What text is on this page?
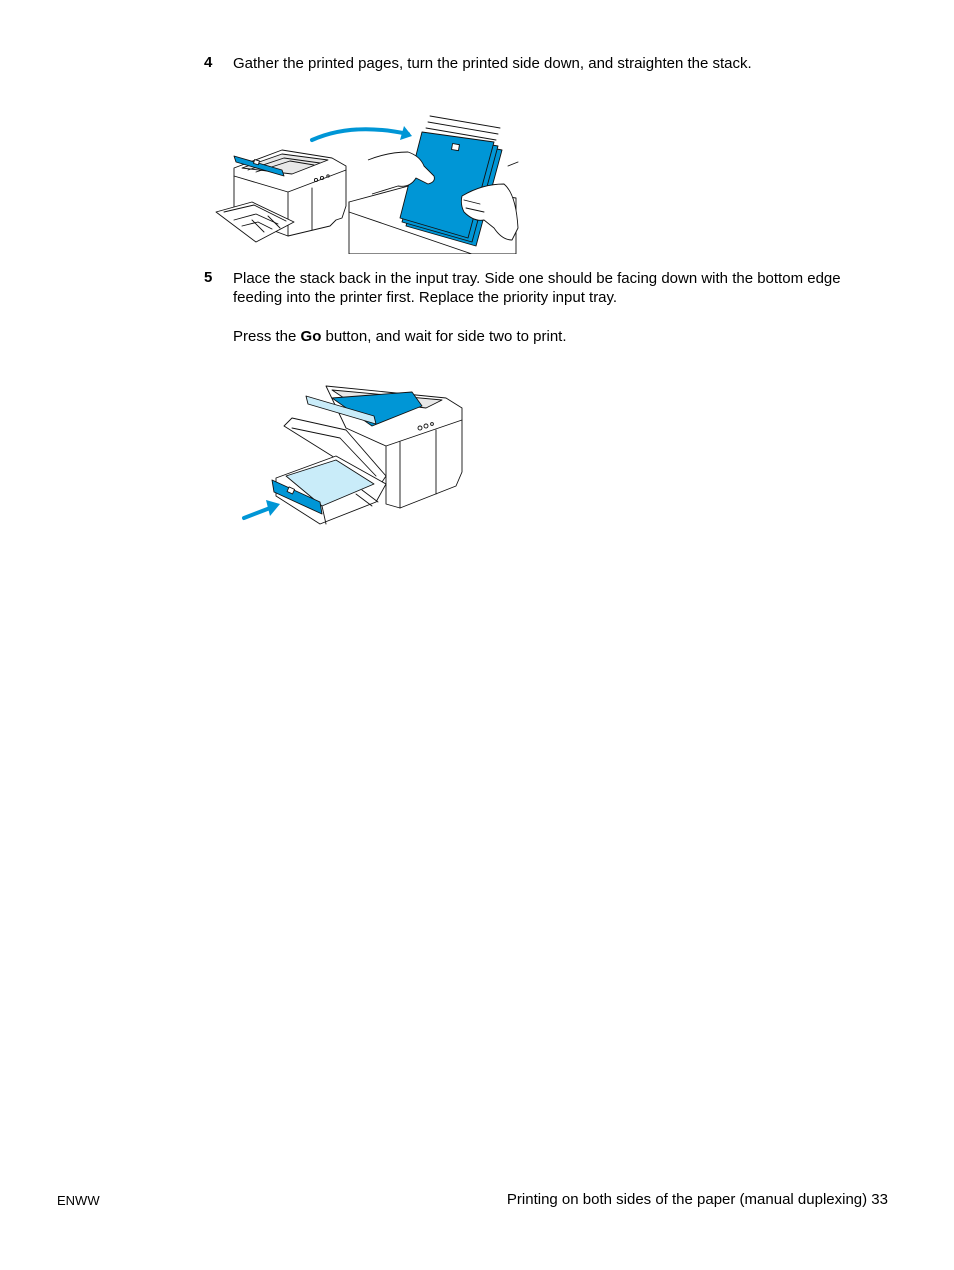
4 Gather the printed pages, turn the printed side down, and straighten the stack.
5 Place the stack back in the input tray. Side one should be facing down with the bottom edge
feeding into the printer first. Replace the priority input tray.
Press the Go button, and wait for side two to print.
ENWW	Printing on both sides of the paper (manual duplexing) 33
